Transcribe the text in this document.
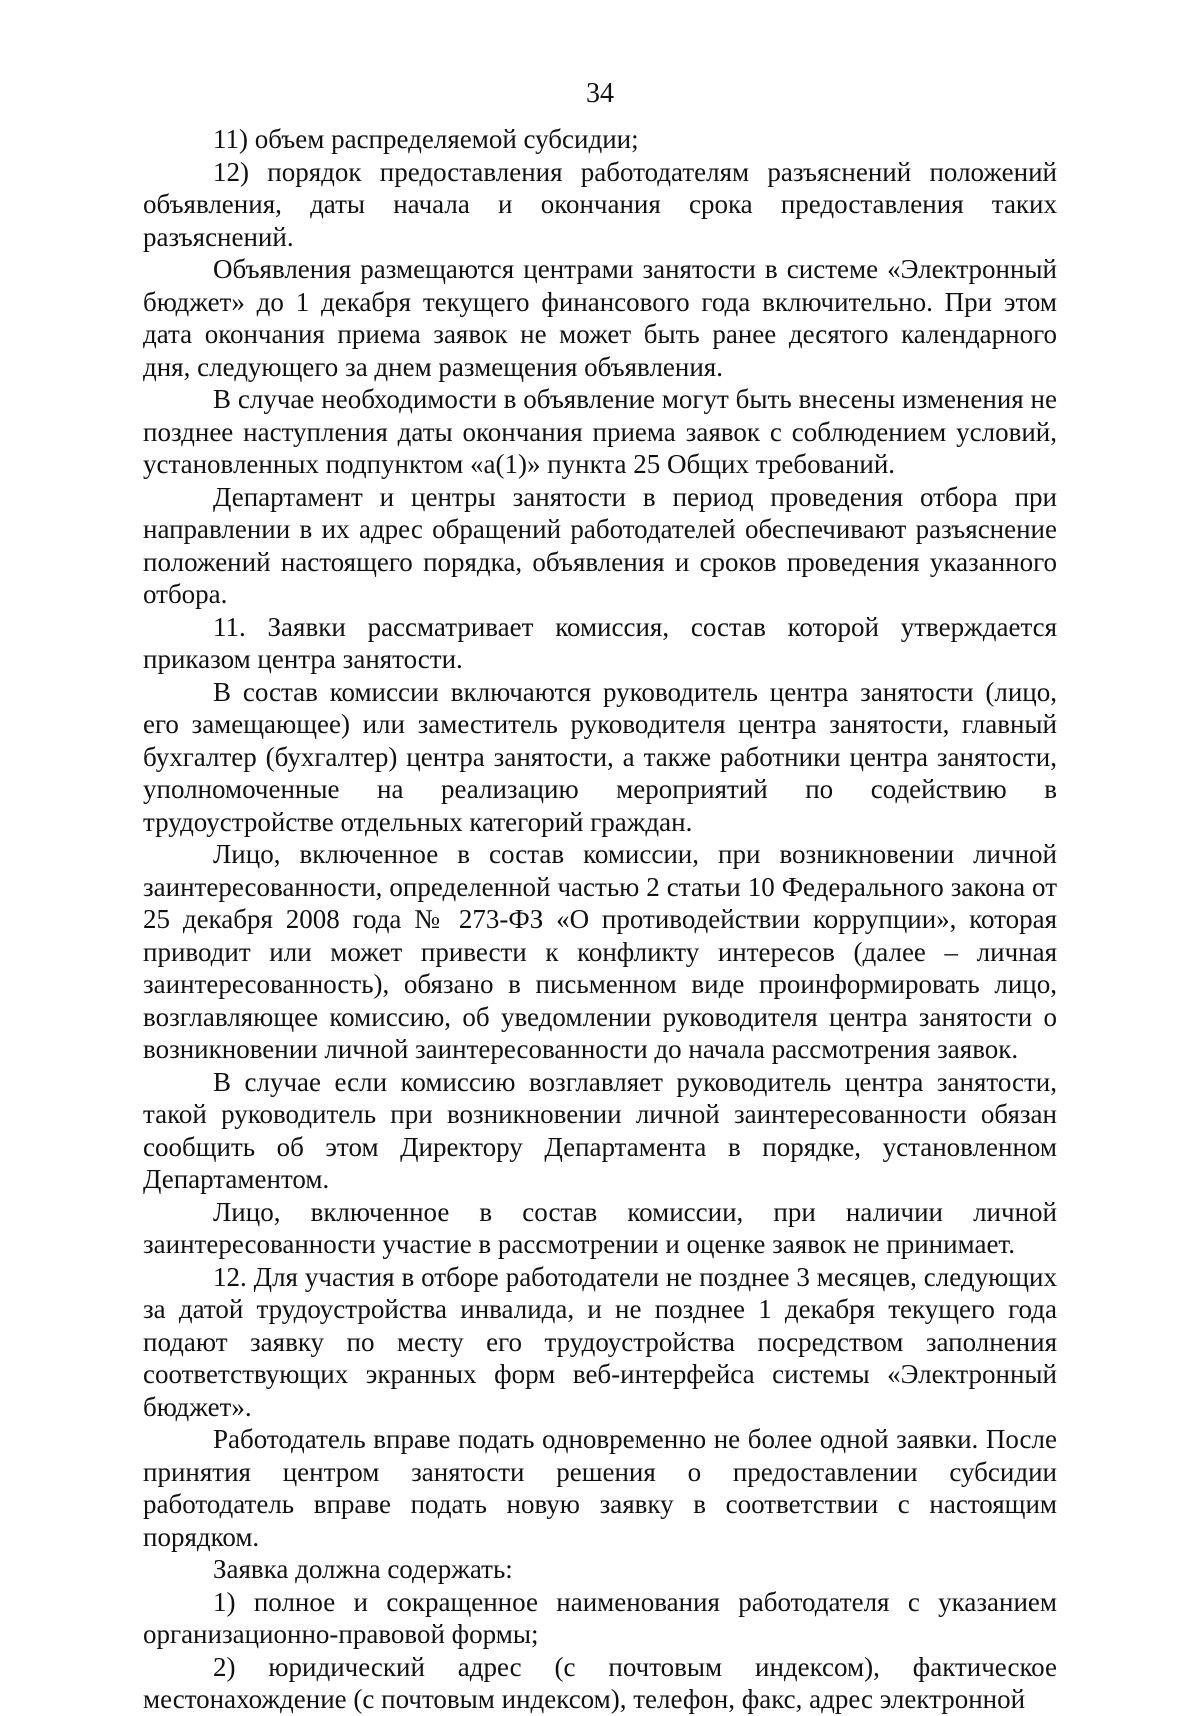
34

11) объем распределяемой субсидии;

12) порядок предоставления работодателям разъяснений положений объявления, даты начала и окончания срока предоставления таких разъяснений.

Объявления размещаются центрами занятости в системе «Электронный бюджет» до 1 декабря текущего финансового года включительно. При этом дата окончания приема заявок не может быть ранее десятого календарного дня, следующего за днем размещения объявления.

В случае необходимости в объявление могут быть внесены изменения не позднее наступления даты окончания приема заявок с соблюдением условий, установленных подпунктом «а(1)» пункта 25 Общих требований.

Департамент и центры занятости в период проведения отбора при направлении в их адрес обращений работодателей обеспечивают разъяснение положений настоящего порядка, объявления и сроков проведения указанного отбора.

11. Заявки рассматривает комиссия, состав которой утверждается приказом центра занятости.

В состав комиссии включаются руководитель центра занятости (лицо, его замещающее) или заместитель руководителя центра занятости, главный бухгалтер (бухгалтер) центра занятости, а также работники центра занятости, уполномоченные на реализацию мероприятий по содействию в трудоустройстве отдельных категорий граждан.

Лицо, включенное в состав комиссии, при возникновении личной заинтересованности, определенной частью 2 статьи 10 Федерального закона от 25 декабря 2008 года № 273-ФЗ «О противодействии коррупции», которая приводит или может привести к конфликту интересов (далее – личная заинтересованность), обязано в письменном виде проинформировать лицо, возглавляющее комиссию, об уведомлении руководителя центра занятости о возникновении личной заинтересованности до начала рассмотрения заявок.

В случае если комиссию возглавляет руководитель центра занятости, такой руководитель при возникновении личной заинтересованности обязан сообщить об этом Директору Департамента в порядке, установленном Департаментом.

Лицо, включенное в состав комиссии, при наличии личной заинтересованности участие в рассмотрении и оценке заявок не принимает.

12. Для участия в отборе работодатели не позднее 3 месяцев, следующих за датой трудоустройства инвалида, и не позднее 1 декабря текущего года подают заявку по месту его трудоустройства посредством заполнения соответствующих экранных форм веб-интерфейса системы «Электронный бюджет».

Работодатель вправе подать одновременно не более одной заявки. После принятия центром занятости решения о предоставлении субсидии работодатель вправе подать новую заявку в соответствии с настоящим порядком.

Заявка должна содержать:

1) полное и сокращенное наименования работодателя с указанием организационно-правовой формы;

2) юридический адрес (с почтовым индексом), фактическое местонахождение (с почтовым индексом), телефон, факс, адрес электронной
